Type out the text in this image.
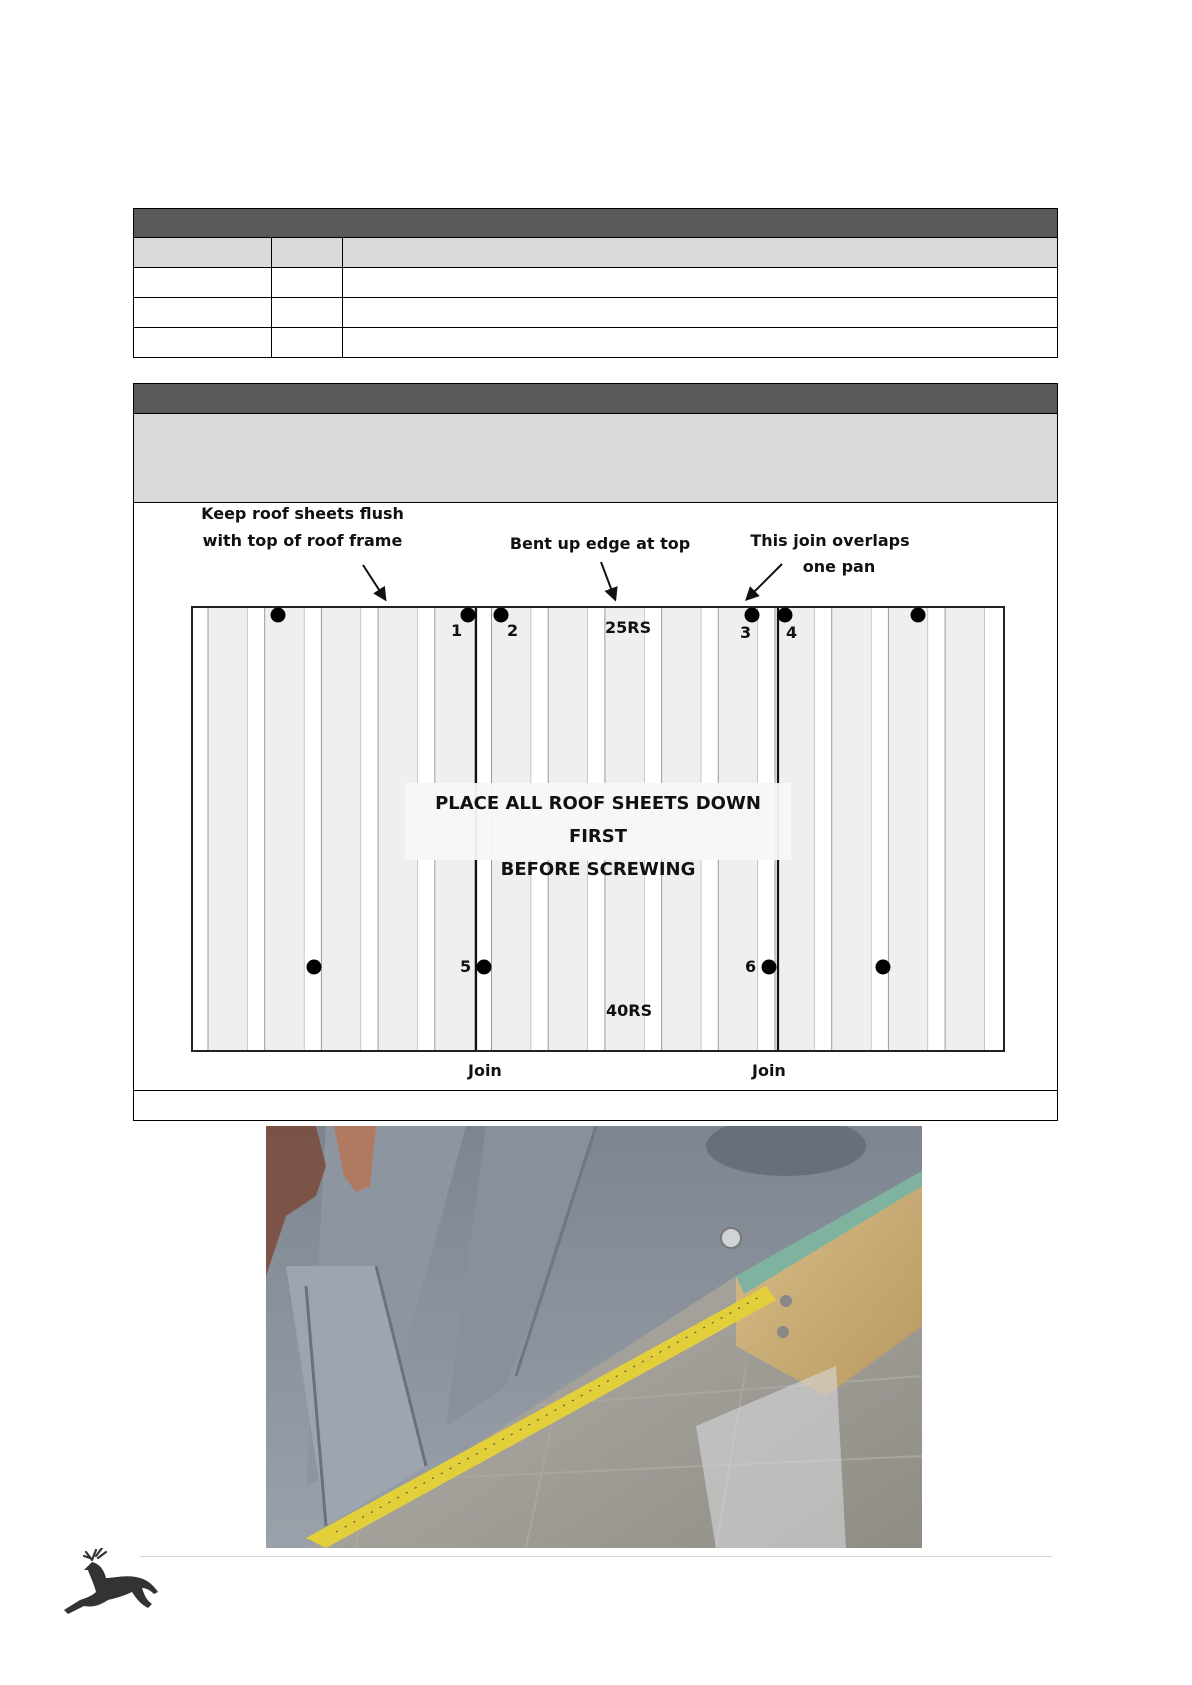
Keep roof sheets flush
with top of roof frame	Bent up edge at top	This join overlaps
one pan
1	2	3 4
5	6
25RS
40RS
PLACE ALL ROOF SHEETS DOWN FIRST
BEFORE SCREWING
Join	Join
